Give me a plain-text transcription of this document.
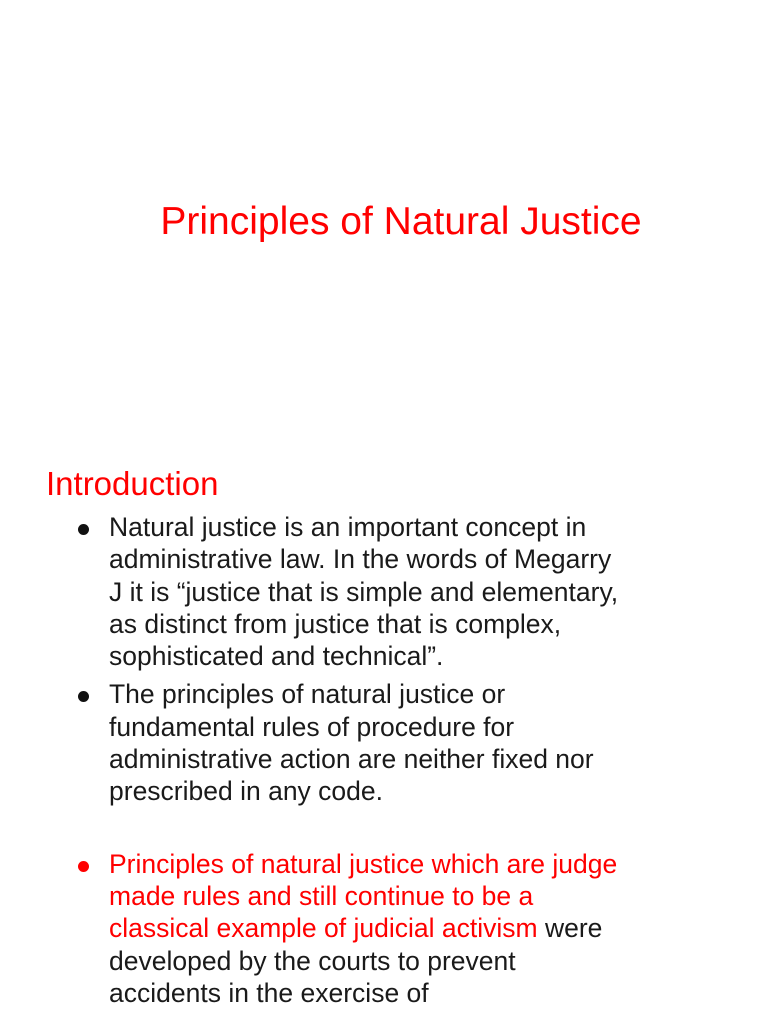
Principles of Natural Justice
Introduction
Natural justice is an important concept in administrative law. In the words of Megarry J it is “justice that is simple and elementary, as distinct from justice that is complex, sophisticated and technical”.
The principles of natural justice or fundamental rules of procedure for administrative action are neither fixed nor prescribed in any code.
Principles of natural justice which are judge made rules and still continue to be a classical example of judicial activism were developed by the courts to prevent accidents in the exercise of
